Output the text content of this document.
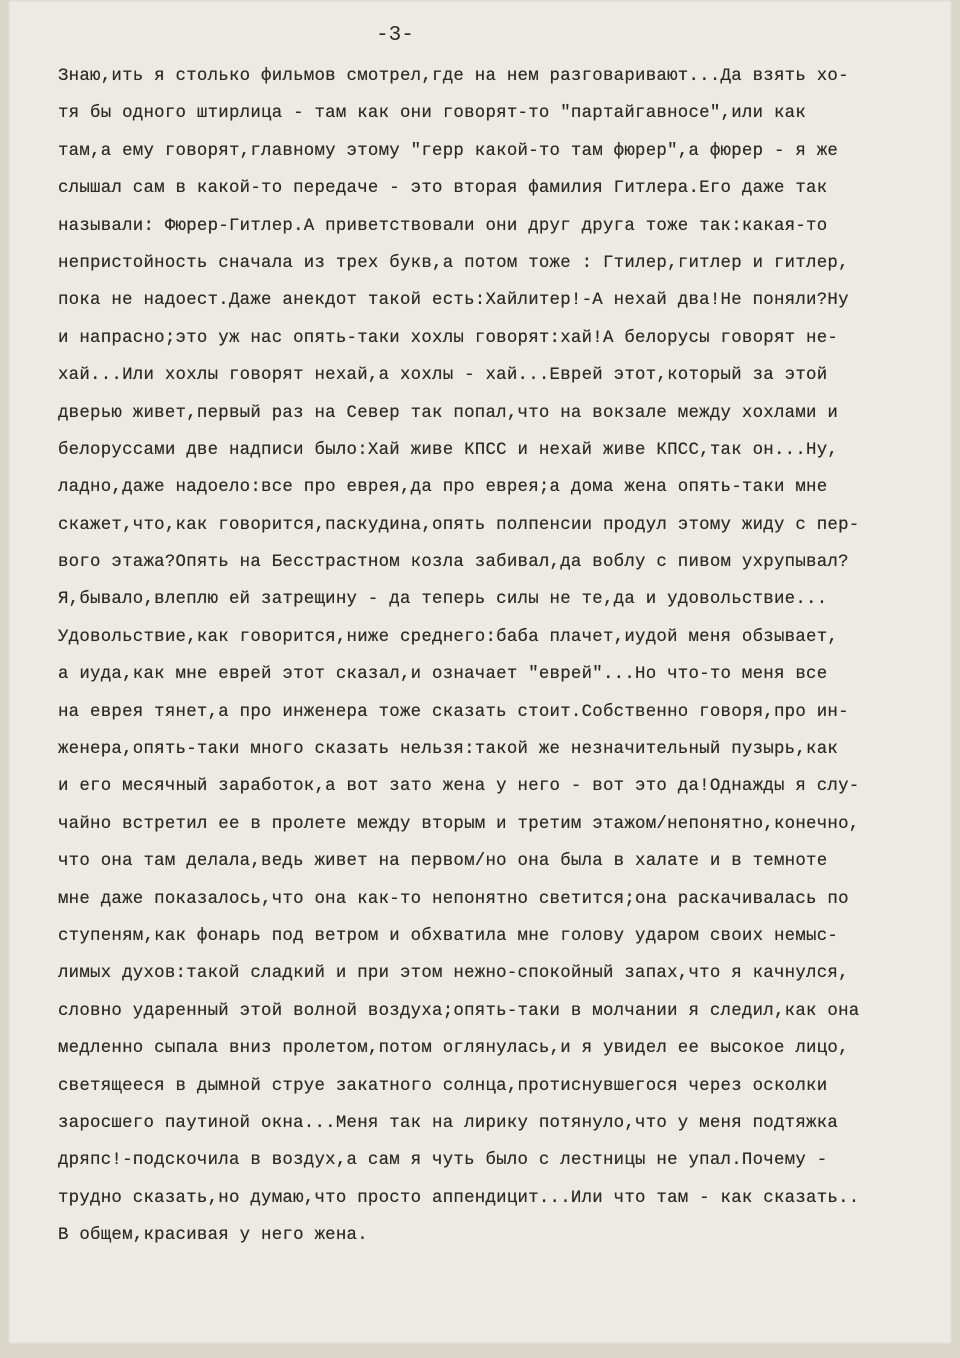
-3-
Знаю,ить я столько фильмов смотрел,где на нем разговаривают...Да взять хо-
тя бы одного штирлица - там как они говорят-то "партайгавносе",или как
там,а ему говорят,главному этому "герр какой-то там фюрер",а фюрер - я же
слышал сам в какой-то передаче - это вторая фамилия Гитлера.Его даже так
называли: Фюрер-Гитлер.А приветствовали они друг друга тоже так:какая-то
непристойность сначала из трех букв,а потом тоже : Гтилер,гитлер и гитлер,
пока не надоест.Даже анекдот такой есть:Хайлитер!-А нехай два!Не поняли?Ну
и напрасно;это уж нас опять-таки хохлы говорят:хай!А белорусы говорят не-
хай...Или хохлы говорят нехай,а хохлы - хай...Еврей этот,который за этой
дверью живет,первый раз на Север так попал,что на вокзале между хохлами и
белоруссами две надписи было:Хай живе КПСС и нехай живе КПСС,так он...Ну,
ладно,даже надоело:все про еврея,да про еврея;а дома жена опять-таки мне
скажет,что,как говорится,паскудина,опять полпенсии продул этому жиду с пер-
вого этажа?Опять на Бесстрастном козла забивал,да воблу с пивом ухрупывал?
Я,бывало,влеплю ей затрещину - да теперь силы не те,да и удовольствие...
Удовольствие,как говорится,ниже среднего:баба плачет,иудой меня обзывает,
а иуда,как мне еврей этот сказал,и означает "еврей"...Но что-то меня все
на еврея тянет,а про инженера тоже сказать стоит.Собственно говоря,про ин-
женера,опять-таки много сказать нельзя:такой же незначительный пузырь,как
и его месячный заработок,а вот зато жена у него - вот это да!Однажды я слу-
чайно встретил ее в пролете между вторым и третим этажом/непонятно,конечно,
что она там делала,ведь живет на первом/но она была в халате и в темноте
мне даже показалось,что она как-то непонятно светится;она раскачивалась по
ступеням,как фонарь под ветром и обхватила мне голову ударом своих немыс-
лимых духов:такой сладкий и при этом нежно-спокойный запах,что я качнулся,
словно ударенный этой волной воздуха;опять-таки в молчании я следил,как она
медленно сыпала вниз пролетом,потом оглянулась,и я увидел ее высокое лицо,
светящееся в дымной струе закатного солнца,протиснувшегося через осколки
заросшего паутиной окна...Меня так на лирику потянуло,что у меня подтяжка
дряпс!-подскочила в воздух,а сам я чуть было с лестницы не упал.Почему -
трудно сказать,но думаю,что просто аппендицит...Или что там - как сказать..
В общем,красивая у него жена.
